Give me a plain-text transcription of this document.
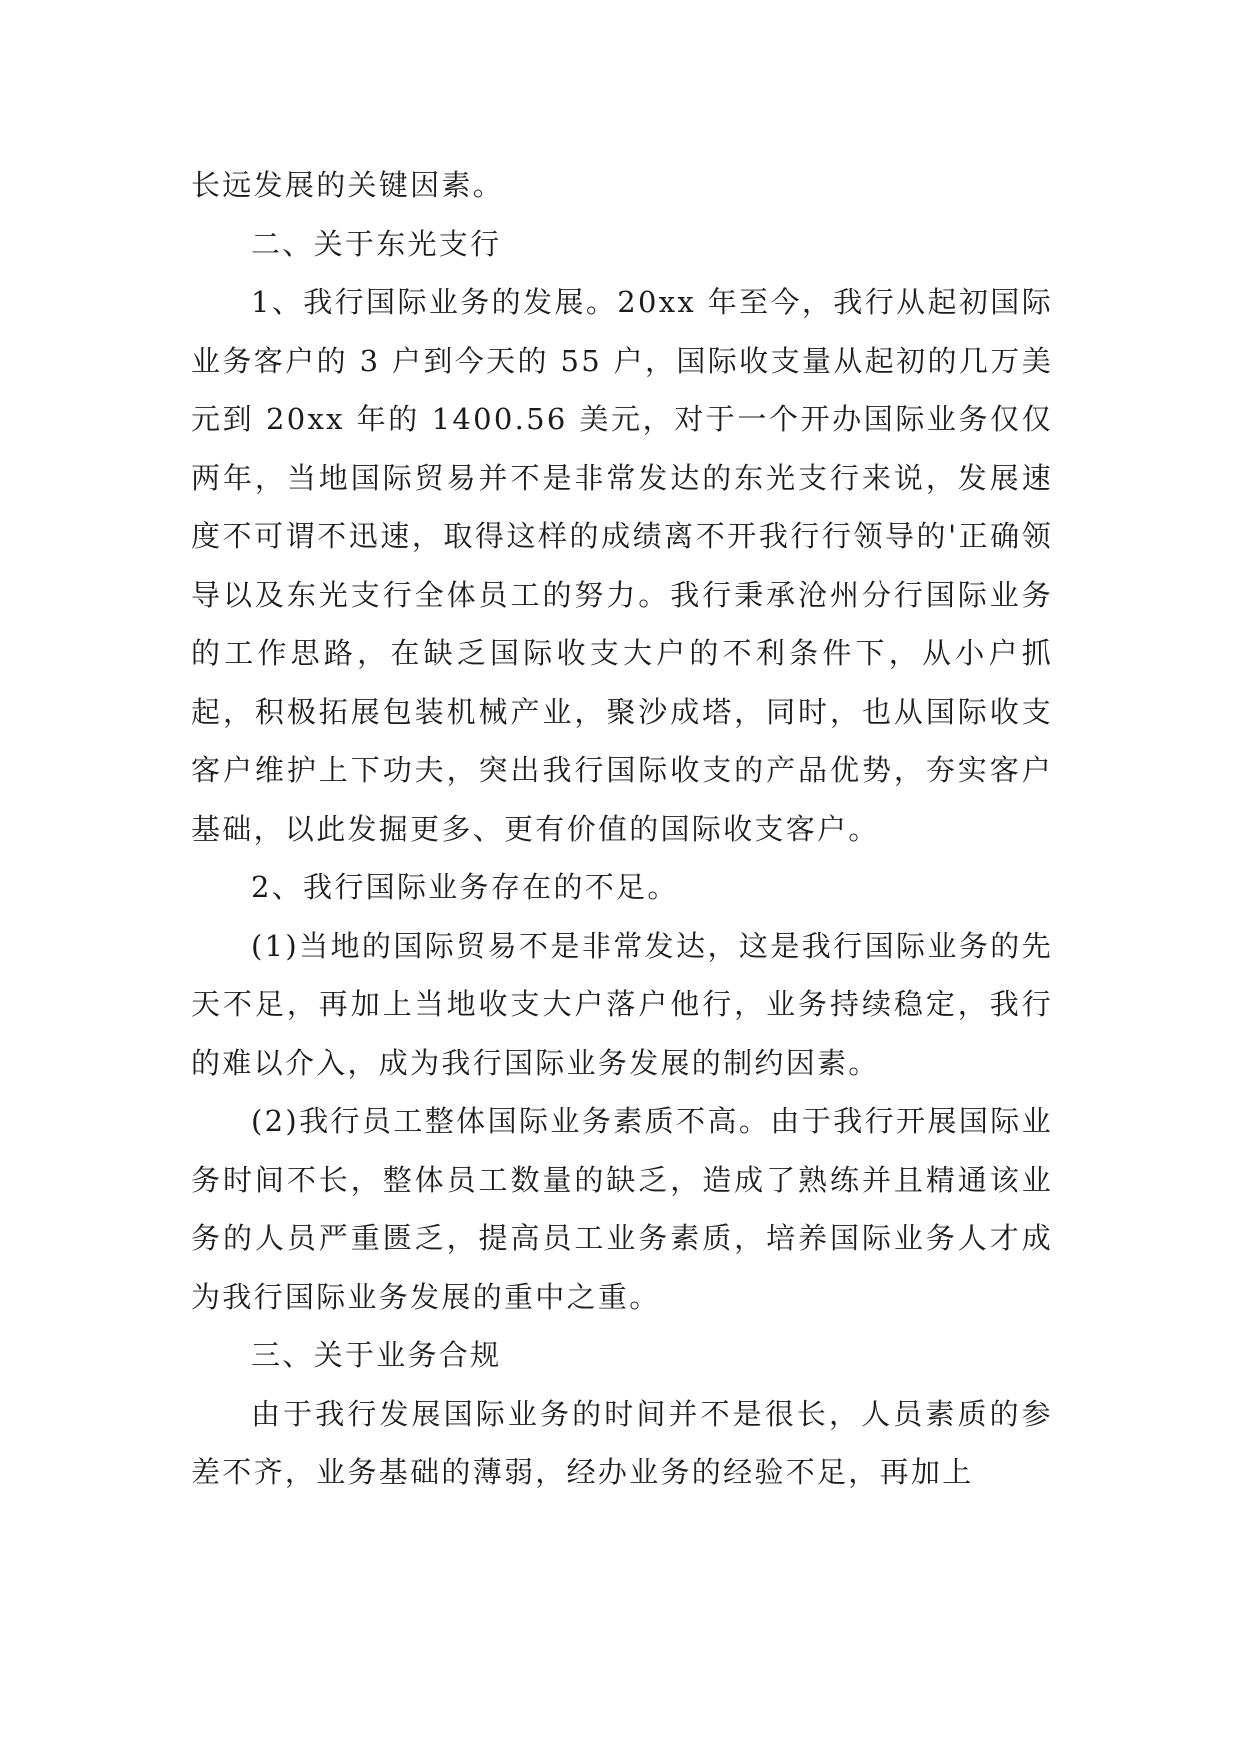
长远发展的关键因素。

二、关于东光支行

1、我行国际业务的发展。20xx 年至今，我行从起初国际业务客户的 3 户到今天的 55 户，国际收支量从起初的几万美元到 20xx 年的 1400.56 美元，对于一个开办国际业务仅仅两年，当地国际贸易并不是非常发达的东光支行来说，发展速度不可谓不迅速，取得这样的成绩离不开我行行领导的'正确领导以及东光支行全体员工的努力。我行秉承沧州分行国际业务的工作思路，在缺乏国际收支大户的不利条件下，从小户抓起，积极拓展包装机械产业，聚沙成塔，同时，也从国际收支客户维护上下功夫，突出我行国际收支的产品优势，夯实客户基础，以此发掘更多、更有价值的国际收支客户。

2、我行国际业务存在的不足。

(1)当地的国际贸易不是非常发达，这是我行国际业务的先天不足，再加上当地收支大户落户他行，业务持续稳定，我行的难以介入，成为我行国际业务发展的制约因素。

(2)我行员工整体国际业务素质不高。由于我行开展国际业务时间不长，整体员工数量的缺乏，造成了熟练并且精通该业务的人员严重匮乏，提高员工业务素质，培养国际业务人才成为我行国际业务发展的重中之重。

三、关于业务合规

由于我行发展国际业务的时间并不是很长，人员素质的参差不齐，业务基础的薄弱，经办业务的经验不足，再加上
